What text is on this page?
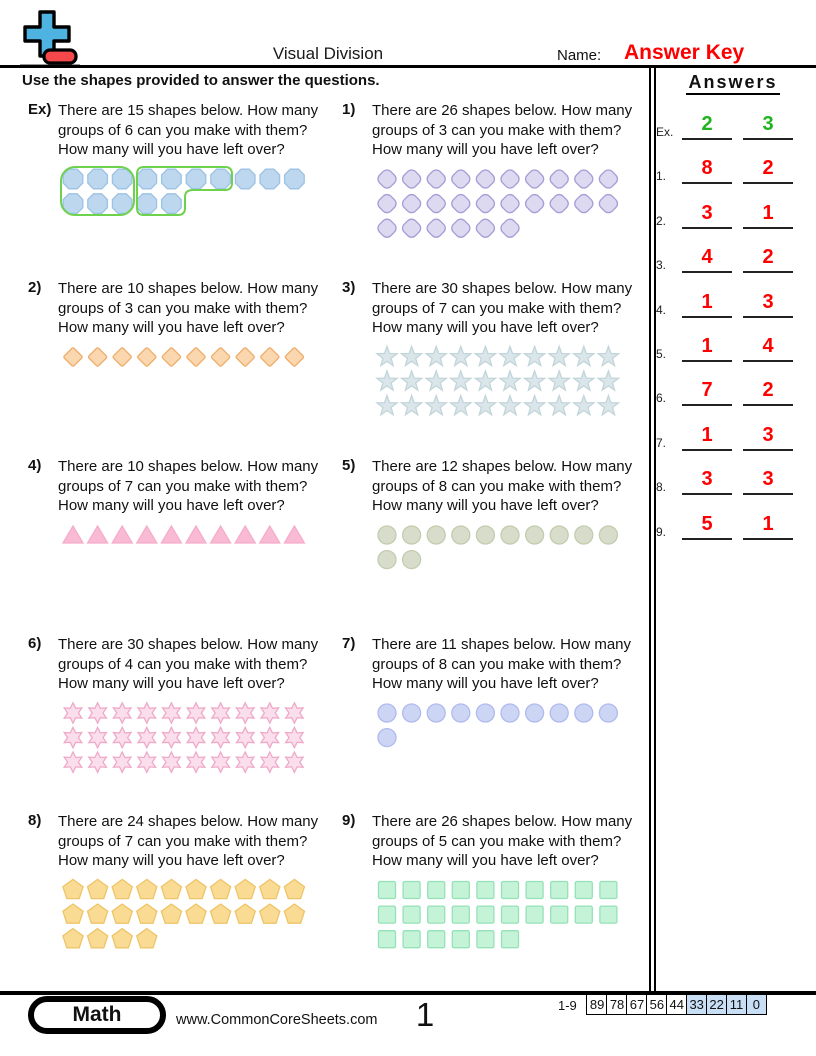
Visual Division	Name: Answer Key
Use the shapes provided to answer the questions.	Answers
Ex.	2	3
1.	8	2
2.	3	1
3.	4	2
4.	1	3
5.	1	4
6.	7	2
7.	1	3
8.	3	3
9.	5	1
Ex) There are 15 shapes below. How many
groups of 6 can you make with them?
How many will you have left over?
1)	There are 26 shapes below. How many
groups of 3 can you make with them?
How many will you have left over?
2)	There are 10 shapes below. How many
groups of 3 can you make with them?
How many will you have left over?
3)	There are 30 shapes below. How many
groups of 7 can you make with them?
How many will you have left over?
4)	There are 10 shapes below. How many
groups of 7 can you make with them?
How many will you have left over?
5)	There are 12 shapes below. How many
groups of 8 can you make with them?
How many will you have left over?
6)	There are 30 shapes below. How many
groups of 4 can you make with them?
How many will you have left over?
7)	There are 11 shapes below. How many
groups of 8 can you make with them?
How many will you have left over?
8)	There are 24 shapes below. How many
groups of 7 can you make with them?
How many will you have left over?
9)	There are 26 shapes below. How many
groups of 5 can you make with them?
How many will you have left over?
Math	www.CommonCoreSheets.com	1	1-9 89 78 67 56 44 33 22 11 0
